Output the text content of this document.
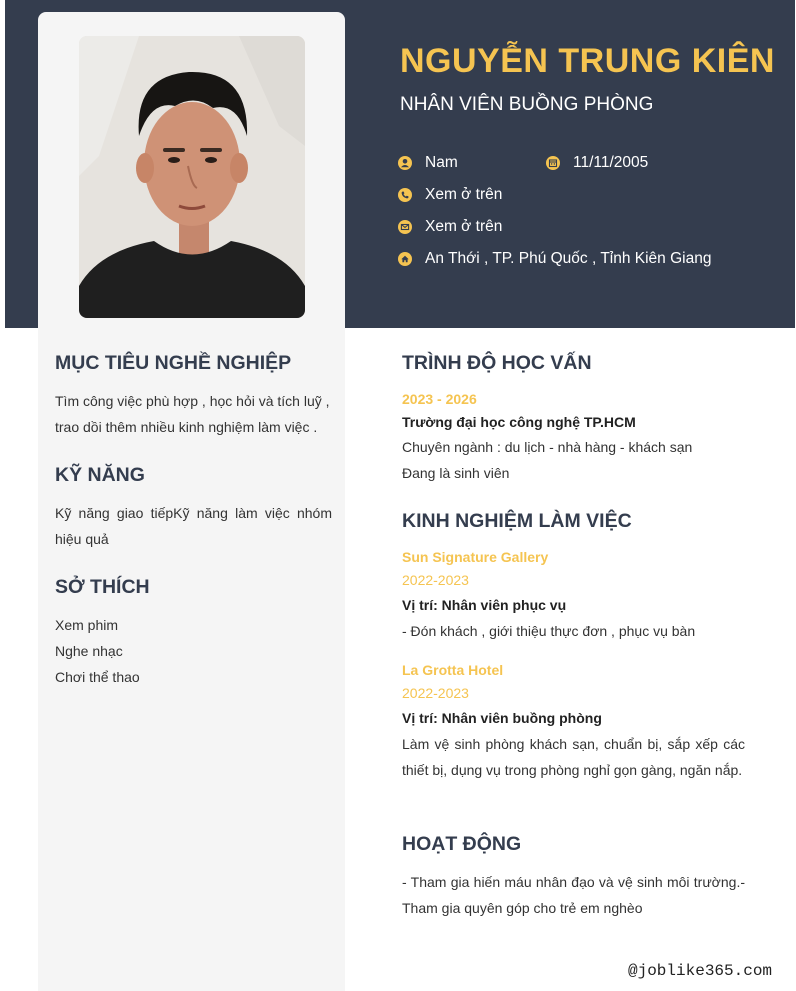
NGUYỄN TRUNG KIÊN
NHÂN VIÊN BUỒNG PHÒNG
Nam	11/11/2005
Xem ở trên
Xem ở trên
An Thới , TP. Phú Quốc , Tỉnh Kiên Giang
MỤC TIÊU NGHỀ NGHIỆP
Tìm công việc phù hợp , học hỏi và tích luỹ , trao dồi thêm nhiều kinh nghiệm làm việc .
KỸ NĂNG
Kỹ năng giao tiếpKỹ năng làm việc nhóm hiệu quả
SỞ THÍCH
Xem phim
Nghe nhạc
Chơi thể thao
TRÌNH ĐỘ HỌC VẤN
2023 - 2026
Trường đại học công nghệ TP.HCM
Chuyên ngành : du lịch - nhà hàng - khách sạn
Đang là sinh viên
KINH NGHIỆM LÀM VIỆC
Sun Signature Gallery
2022-2023
Vị trí: Nhân viên phục vụ
- Đón khách , giới thiệu thực đơn , phục vụ bàn
La Grotta Hotel
2022-2023
Vị trí: Nhân viên buồng phòng
Làm vệ sinh phòng khách sạn, chuẩn bị, sắp xếp các thiết bị, dụng vụ trong phòng nghỉ gọn gàng, ngăn nắp.
HOẠT ĐỘNG
- Tham gia hiến máu nhân đạo và vệ sinh môi trường.- Tham gia quyên góp cho trẻ em nghèo
@joblike365.com
